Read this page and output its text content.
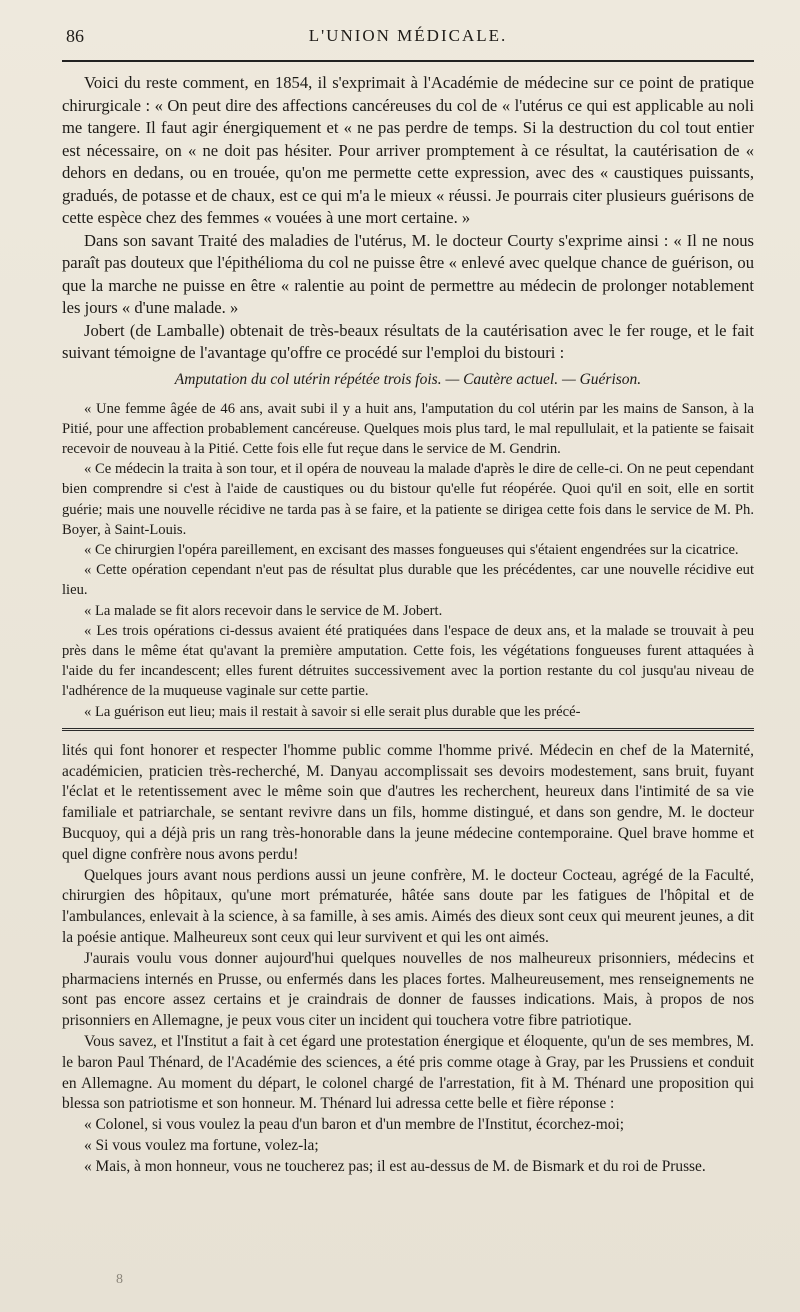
86	L'UNION MÉDICALE.

Voici du reste comment, en 1854, il s'exprimait à l'Académie de médecine sur ce point de pratique chirurgicale : « On peut dire des affections cancéreuses du col de « l'utérus ce qui est applicable au noli me tangere. Il faut agir énergiquement et « ne pas perdre de temps. Si la destruction du col tout entier est nécessaire, on « ne doit pas hésiter. Pour arriver promptement à ce résultat, la cautérisation de « dehors en dedans, ou en trouée, qu'on me permette cette expression, avec des « caustiques puissants, gradués, de potasse et de chaux, est ce qui m'a le mieux « réussi. Je pourrais citer plusieurs guérisons de cette espèce chez des femmes « vouées à une mort certaine. »

Dans son savant Traité des maladies de l'utérus, M. le docteur Courty s'exprime ainsi : « Il ne nous paraît pas douteux que l'épithélioma du col ne puisse être « enlevé avec quelque chance de guérison, ou que la marche ne puisse en être « ralentie au point de permettre au médecin de prolonger notablement les jours « d'une malade. »

Jobert (de Lamballe) obtenait de très-beaux résultats de la cautérisation avec le fer rouge, et le fait suivant témoigne de l'avantage qu'offre ce procédé sur l'emploi du bistouri :

Amputation du col utérin répétée trois fois. — Cautère actuel. — Guérison.

« Une femme âgée de 46 ans, avait subi il y a huit ans, l'amputation du col utérin par les mains de Sanson, à la Pitié, pour une affection probablement cancéreuse. Quelques mois plus tard, le mal repullulait, et la patiente se faisait recevoir de nouveau à la Pitié. Cette fois elle fut reçue dans le service de M. Gendrin.

« Ce médecin la traita à son tour, et il opéra de nouveau la malade d'après le dire de celle-ci. On ne peut cependant bien comprendre si c'est à l'aide de caustiques ou du bistour qu'elle fut réopérée. Quoi qu'il en soit, elle en sortit guérie; mais une nouvelle récidive ne tarda pas à se faire, et la patiente se dirigea cette fois dans le service de M. Ph. Boyer, à Saint-Louis.

« Ce chirurgien l'opéra pareillement, en excisant des masses fongueuses qui s'étaient engendrées sur la cicatrice.

« Cette opération cependant n'eut pas de résultat plus durable que les précédentes, car une nouvelle récidive eut lieu.

« La malade se fit alors recevoir dans le service de M. Jobert.

« Les trois opérations ci-dessus avaient été pratiquées dans l'espace de deux ans, et la malade se trouvait à peu près dans le même état qu'avant la première amputation. Cette fois, les végétations fongueuses furent attaquées à l'aide du fer incandescent; elles furent détruites successivement avec la portion restante du col jusqu'au niveau de l'adhérence de la muqueuse vaginale sur cette partie.

« La guérison eut lieu; mais il restait à savoir si elle serait plus durable que les précé-

lités qui font honorer et respecter l'homme public comme l'homme privé. Médecin en chef de la Maternité, académicien, praticien très-recherché, M. Danyau accomplissait ses devoirs modestement, sans bruit, fuyant l'éclat et le retentissement avec le même soin que d'autres les recherchent, heureux dans l'intimité de sa vie familiale et patriarchale, se sentant revivre dans un fils, homme distingué, et dans son gendre, M. le docteur Bucquoy, qui a déjà pris un rang très-honorable dans la jeune médecine contemporaine. Quel brave homme et quel digne confrère nous avons perdu!

Quelques jours avant nous perdions aussi un jeune confrère, M. le docteur Cocteau, agrégé de la Faculté, chirurgien des hôpitaux, qu'une mort prématurée, hâtée sans doute par les fatigues de l'hôpital et de l'ambulances, enlevait à la science, à sa famille, à ses amis. Aimés des dieux sont ceux qui meurent jeunes, a dit la poésie antique. Malheureux sont ceux qui leur survivent et qui les ont aimés.

J'aurais voulu vous donner aujourd'hui quelques nouvelles de nos malheureux prisonniers, médecins et pharmaciens internés en Prusse, ou enfermés dans les places fortes. Malheureusement, mes renseignements ne sont pas encore assez certains et je craindrais de donner de fausses indications. Mais, à propos de nos prisonniers en Allemagne, je peux vous citer un incident qui touchera votre fibre patriotique.

Vous savez, et l'Institut a fait à cet égard une protestation énergique et éloquente, qu'un de ses membres, M. le baron Paul Thénard, de l'Académie des sciences, a été pris comme otage à Gray, par les Prussiens et conduit en Allemagne. Au moment du départ, le colonel chargé de l'arrestation, fit à M. Thénard une proposition qui blessa son patriotisme et son honneur. M. Thénard lui adressa cette belle et fière réponse :

« Colonel, si vous voulez la peau d'un baron et d'un membre de l'Institut, écorchez-moi;

« Si vous voulez ma fortune, volez-la;

« Mais, à mon honneur, vous ne toucherez pas; il est au-dessus de M. de Bismark et du roi de Prusse.

8
